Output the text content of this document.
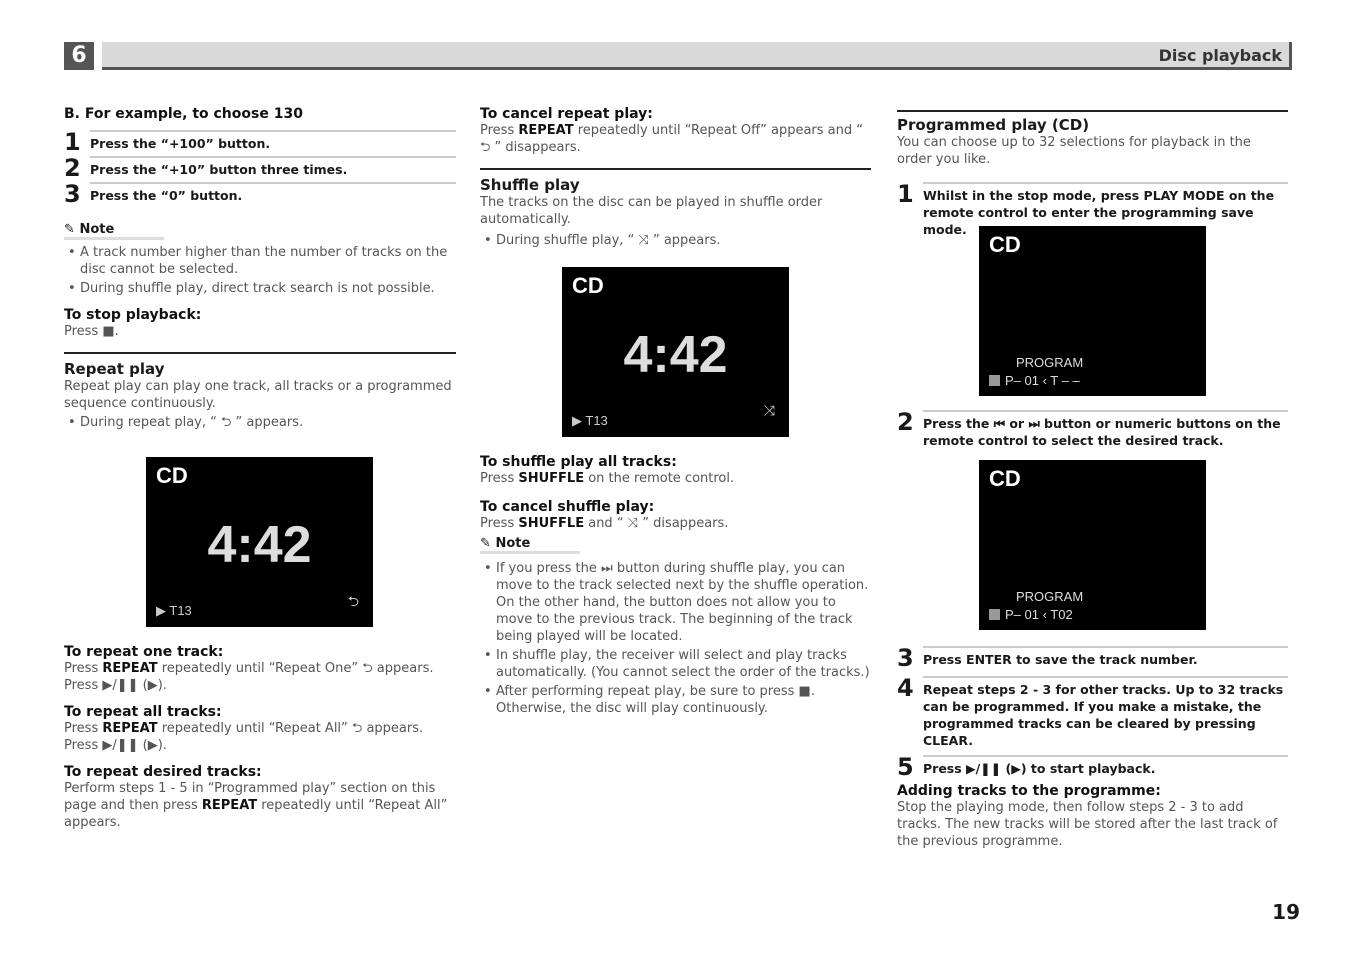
6	Disc playback
B. For example, to choose 130
1 Press the “+100” button.
2 Press the “+10” button three times.
3 Press the “0” button.
✎ Note
• A track number higher than the number of tracks on the disc cannot be selected.
• During shuffle play, direct track search is not possible.
To stop playback:
Press ■.
Repeat play
Repeat play can play one track, all tracks or a programmed sequence continuously.
• During repeat play, “ ⮌ ” appears.
CD
4:42
▶ T13
⮌
To repeat one track:
Press REPEAT repeatedly until “Repeat One” ⮌ appears.
Press ▶/❚❚ (▶).
To repeat all tracks:
Press REPEAT repeatedly until “Repeat All” ⮌ appears.
Press ▶/❚❚ (▶).
To repeat desired tracks:
Perform steps 1 - 5 in “Programmed play” section on this page and then press REPEAT repeatedly until “Repeat All” appears.
To cancel repeat play:
Press REPEAT repeatedly until “Repeat Off” appears and “ ⮌ ” disappears.
Shuffle play
The tracks on the disc can be played in shuffle order automatically.
• During shuffle play, “ ⤨ ” appears.
CD
4:42
▶ T13
⤨
To shuffle play all tracks:
Press SHUFFLE on the remote control.
To cancel shuffle play:
Press SHUFFLE and “ ⤨ ” disappears.
✎ Note
• If you press the ⏭ button during shuffle play, you can move to the track selected next by the shuffle operation. On the other hand, the button does not allow you to move to the previous track. The beginning of the track being played will be located.
• In shuffle play, the receiver will select and play tracks automatically. (You cannot select the order of the tracks.)
• After performing repeat play, be sure to press ■. Otherwise, the disc will play continuously.
Programmed play (CD)
You can choose up to 32 selections for playback in the order you like.
1 Whilst in the stop mode, press PLAY MODE on the remote control to enter the programming save mode.
CD
PROGRAM
P– 01 ‹ T – –
2 Press the ⏮ or ⏭ button or numeric buttons on the remote control to select the desired track.
CD
PROGRAM
P– 01 ‹ T02
3 Press ENTER to save the track number.
4 Repeat steps 2 - 3 for other tracks. Up to 32 tracks can be programmed. If you make a mistake, the programmed tracks can be cleared by pressing CLEAR.
5 Press ▶/❚❚ (▶) to start playback.
Adding tracks to the programme:
Stop the playing mode, then follow steps 2 - 3 to add tracks. The new tracks will be stored after the last track of the previous programme.
19
